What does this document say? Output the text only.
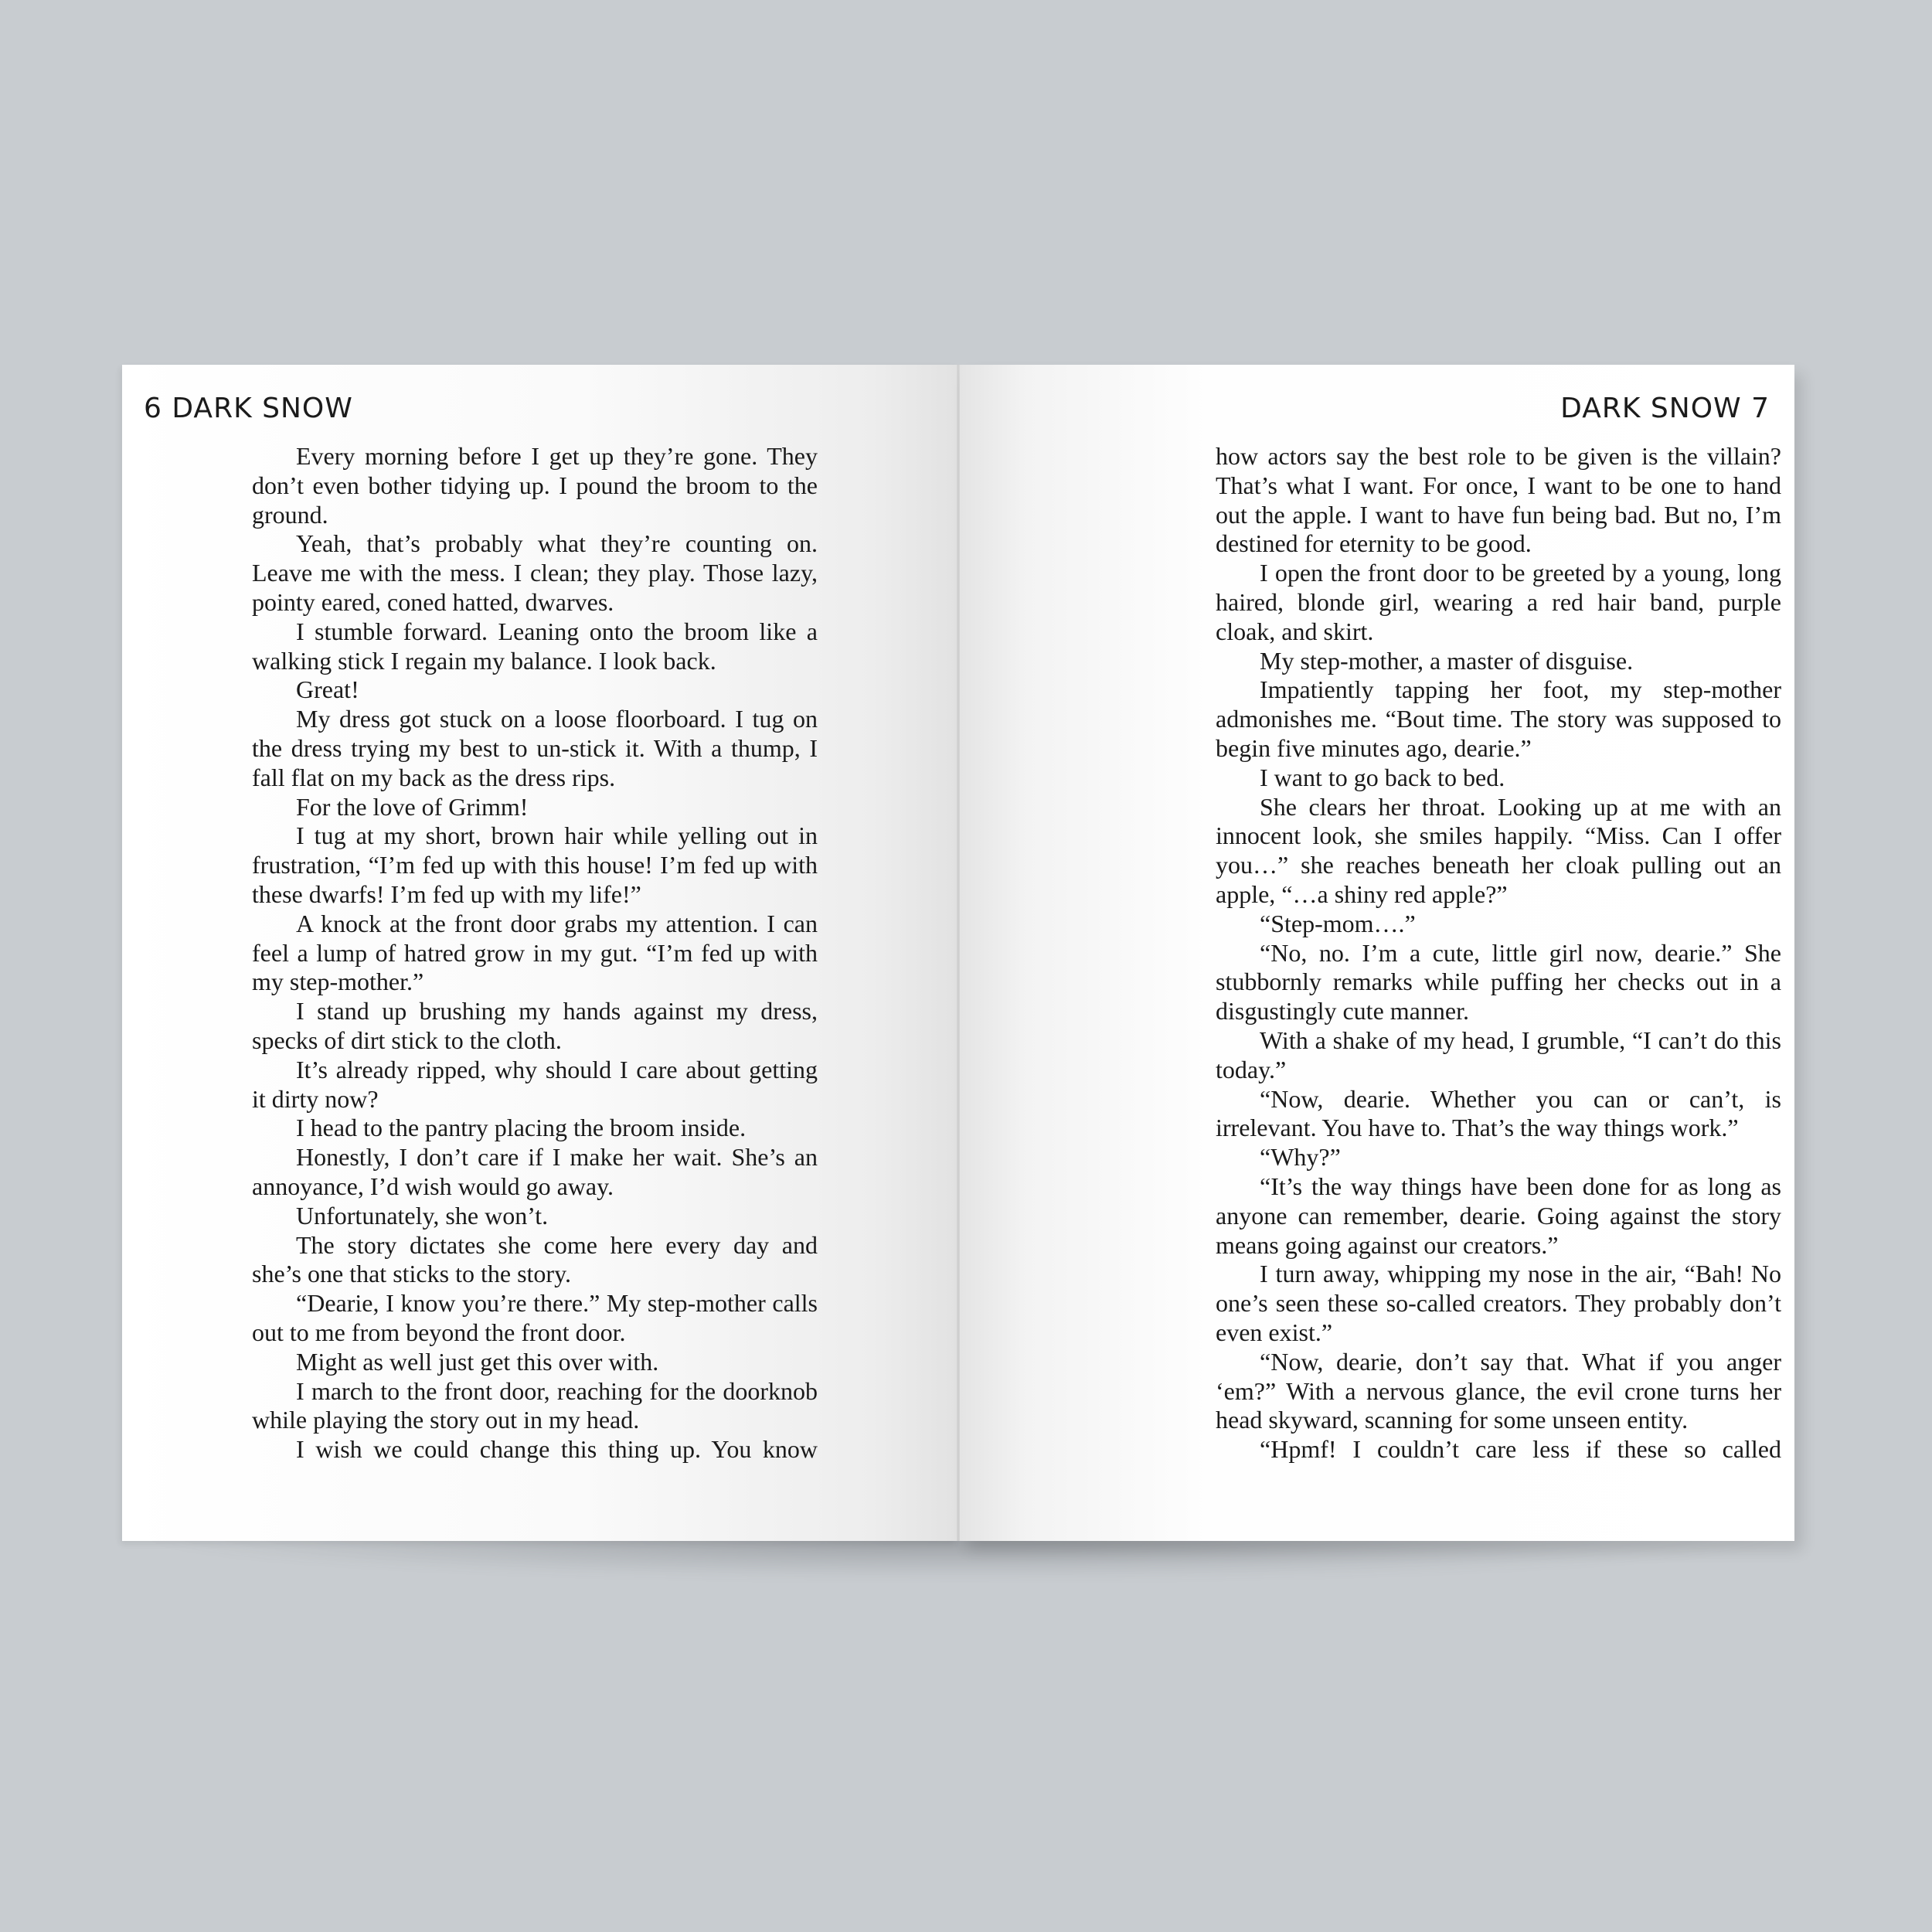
6 DARK SNOW

Every morning before I get up they’re gone. They don’t even bother tidying up. I pound the broom to the ground.

Yeah, that’s probably what they’re counting on. Leave me with the mess. I clean; they play. Those lazy, pointy eared, coned hatted, dwarves.

I stumble forward. Leaning onto the broom like a walking stick I regain my balance. I look back.

Great!

My dress got stuck on a loose floorboard. I tug on the dress trying my best to un-stick it. With a thump, I fall flat on my back as the dress rips.

For the love of Grimm!

I tug at my short, brown hair while yelling out in frustration, “I’m fed up with this house! I’m fed up with these dwarfs! I’m fed up with my life!”

A knock at the front door grabs my attention. I can feel a lump of hatred grow in my gut. “I’m fed up with my step-mother.”

I stand up brushing my hands against my dress, specks of dirt stick to the cloth.

It’s already ripped, why should I care about getting it dirty now?

I head to the pantry placing the broom inside.

Honestly, I don’t care if I make her wait. She’s an annoyance, I’d wish would go away.

Unfortunately, she won’t.

The story dictates she come here every day and she’s one that sticks to the story.

“Dearie, I know you’re there.” My step-mother calls out to me from beyond the front door.

Might as well just get this over with.

I march to the front door, reaching for the doorknob while playing the story out in my head.

I wish we could change this thing up. You know

DARK SNOW 7

how actors say the best role to be given is the villain? That’s what I want. For once, I want to be one to hand out the apple. I want to have fun being bad. But no, I’m destined for eternity to be good.

I open the front door to be greeted by a young, long haired, blonde girl, wearing a red hair band, purple cloak, and skirt.

My step-mother, a master of disguise.

Impatiently tapping her foot, my step-mother admonishes me. “Bout time. The story was supposed to begin five minutes ago, dearie.”

I want to go back to bed.

She clears her throat. Looking up at me with an innocent look, she smiles happily. “Miss. Can I offer you…” she reaches beneath her cloak pulling out an apple, “…a shiny red apple?”

“Step-mom….”

“No, no. I’m a cute, little girl now, dearie.” She stubbornly remarks while puffing her checks out in a disgustingly cute manner.

With a shake of my head, I grumble, “I can’t do this today.”

“Now, dearie. Whether you can or can’t, is irrelevant. You have to. That’s the way things work.”

“Why?”

“It’s the way things have been done for as long as anyone can remember, dearie. Going against the story means going against our creators.”

I turn away, whipping my nose in the air, “Bah! No one’s seen these so-called creators. They probably don’t even exist.”

“Now, dearie, don’t say that. What if you anger ‘em?” With a nervous glance, the evil crone turns her head skyward, scanning for some unseen entity.

“Hpmf! I couldn’t care less if these so called
